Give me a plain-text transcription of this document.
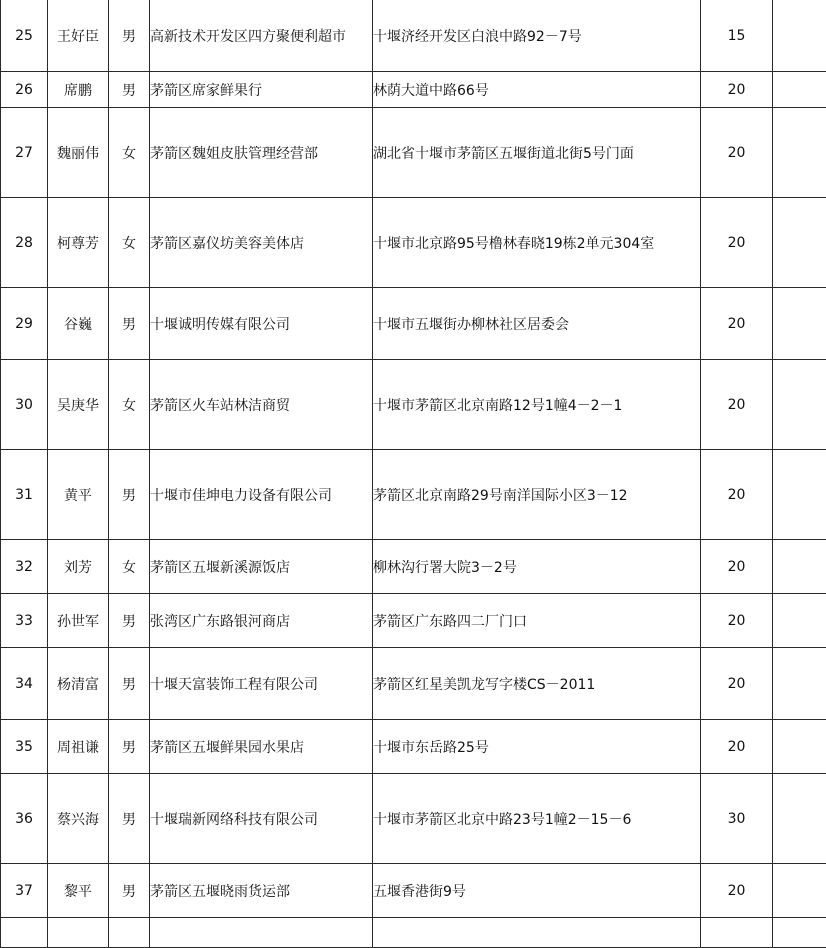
25	王好臣	男	高新技术开发区四方聚便利超市	十堰济经开发区白浪中路92－7号	15	
26	席鹏	男	茅箭区席家鲜果行	林荫大道中路66号	20	
27	魏丽伟	女	茅箭区魏姐皮肤管理经营部	湖北省十堰市茅箭区五堰街道北街5号门面	20	
28	柯尊芳	女	茅箭区嘉仪坊美容美体店	十堰市北京路95号橹林春晓19栋2单元304室	20	
29	谷巍	男	十堰诚明传媒有限公司	十堰市五堰街办柳林社区居委会	20	
30	吴庚华	女	茅箭区火车站林洁商贸	十堰市茅箭区北京南路12号1幢4－2－1	20	
31	黄平	男	十堰市佳坤电力设备有限公司	茅箭区北京南路29号南洋国际小区3－12	20	
32	刘芳	女	茅箭区五堰新溪源饭店	柳林沟行署大院3－2号	20	
33	孙世军	男	张湾区广东路银河商店	茅箭区广东路四二厂门口	20	
34	杨清富	男	十堰天富装饰工程有限公司	茅箭区红星美凯龙写字楼CS－2011	20	
35	周祖谦	男	茅箭区五堰鲜果园水果店	十堰市东岳路25号	20	
36	蔡兴海	男	十堰瑞新网络科技有限公司	十堰市茅箭区北京中路23号1幢2－15－6	30	
37	黎平	男	茅箭区五堰晓雨货运部	五堰香港街9号	20	
